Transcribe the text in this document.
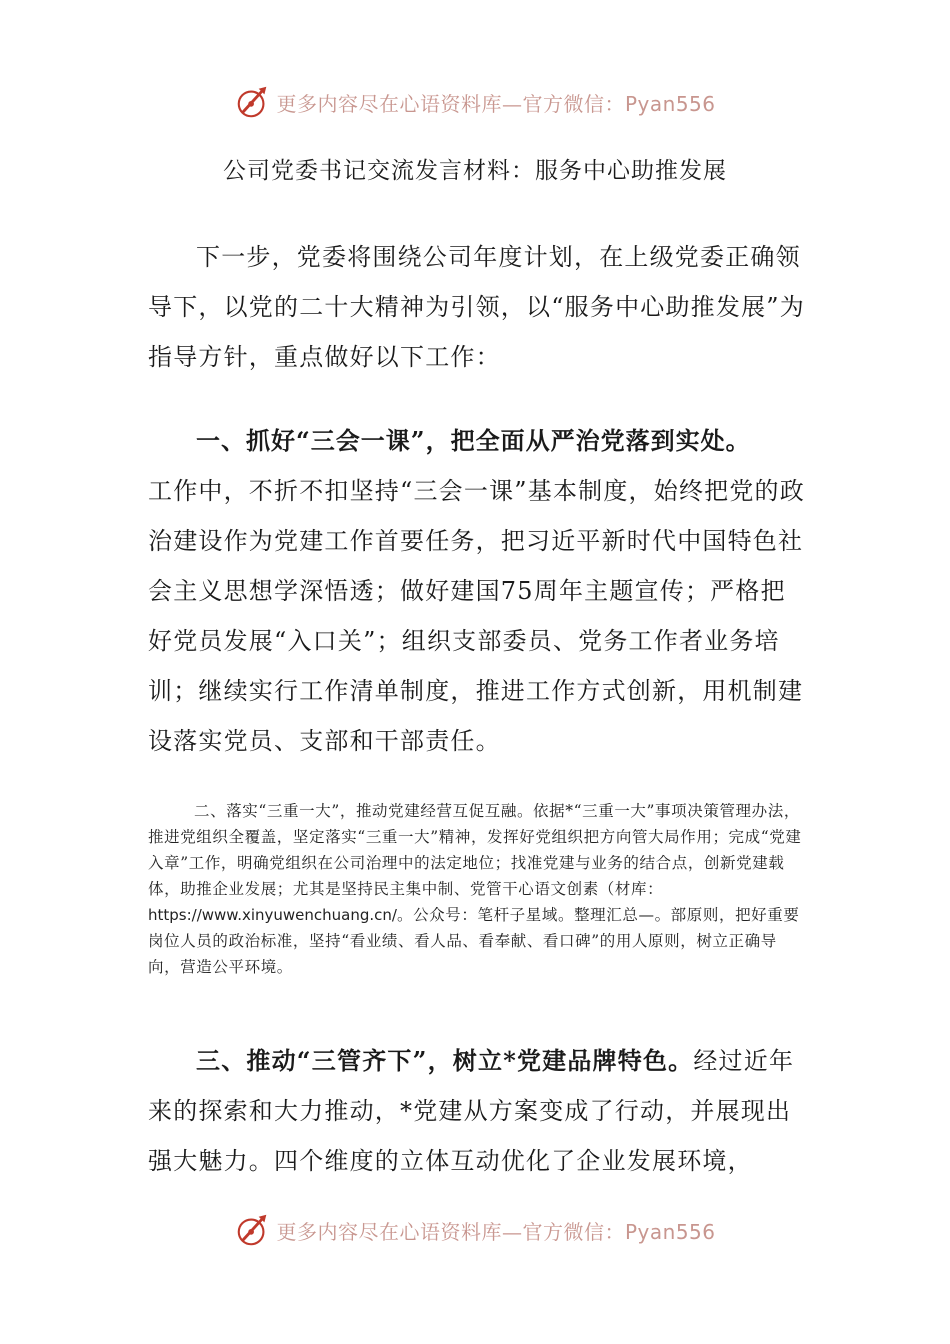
更多内容尽在心语资料库—官方微信：Pyan556
公司党委书记交流发言材料：服务中心助推发展

下一步，党委将围绕公司年度计划，在上级党委正确领导下，以党的二十大精神为引领，以“服务中心助推发展”为指导方针，重点做好以下工作：

一、抓好“三会一课”，把全面从严治党落到实处。
工作中，不折不扣坚持“三会一课”基本制度，始终把党的政治建设作为党建工作首要任务，把习近平新时代中国特色社会主义思想学深悟透；做好建国75周年主题宣传；严格把好党员发展“入口关”；组织支部委员、党务工作者业务培训；继续实行工作清单制度，推进工作方式创新，用机制建设落实党员、支部和干部责任。

二、落实“三重一大”，推动党建经营互促互融。依据*“三重一大”事项决策管理办法，推进党组织全覆盖，坚定落实“三重一大”精神，发挥好党组织把方向管大局作用；完成“党建入章”工作，明确党组织在公司治理中的法定地位；找准党建与业务的结合点，创新党建载体，助推企业发展；尤其是坚持民主集中制、党管干心语文创素（材库：https://www.xinyuwenchuang.cn/。公众号：笔杆子星域。整理汇总—。部原则，把好重要岗位人员的政治标准，坚持“看业绩、看人品、看奉献、看口碑”的用人原则，树立正确导向，营造公平环境。

三、推动“三管齐下”，树立*党建品牌特色。经过近年来的探索和大力推动，*党建从方案变成了行动，并展现出强大魅力。四个维度的立体互动优化了企业发展环境，

更多内容尽在心语资料库—官方微信：Pyan556
